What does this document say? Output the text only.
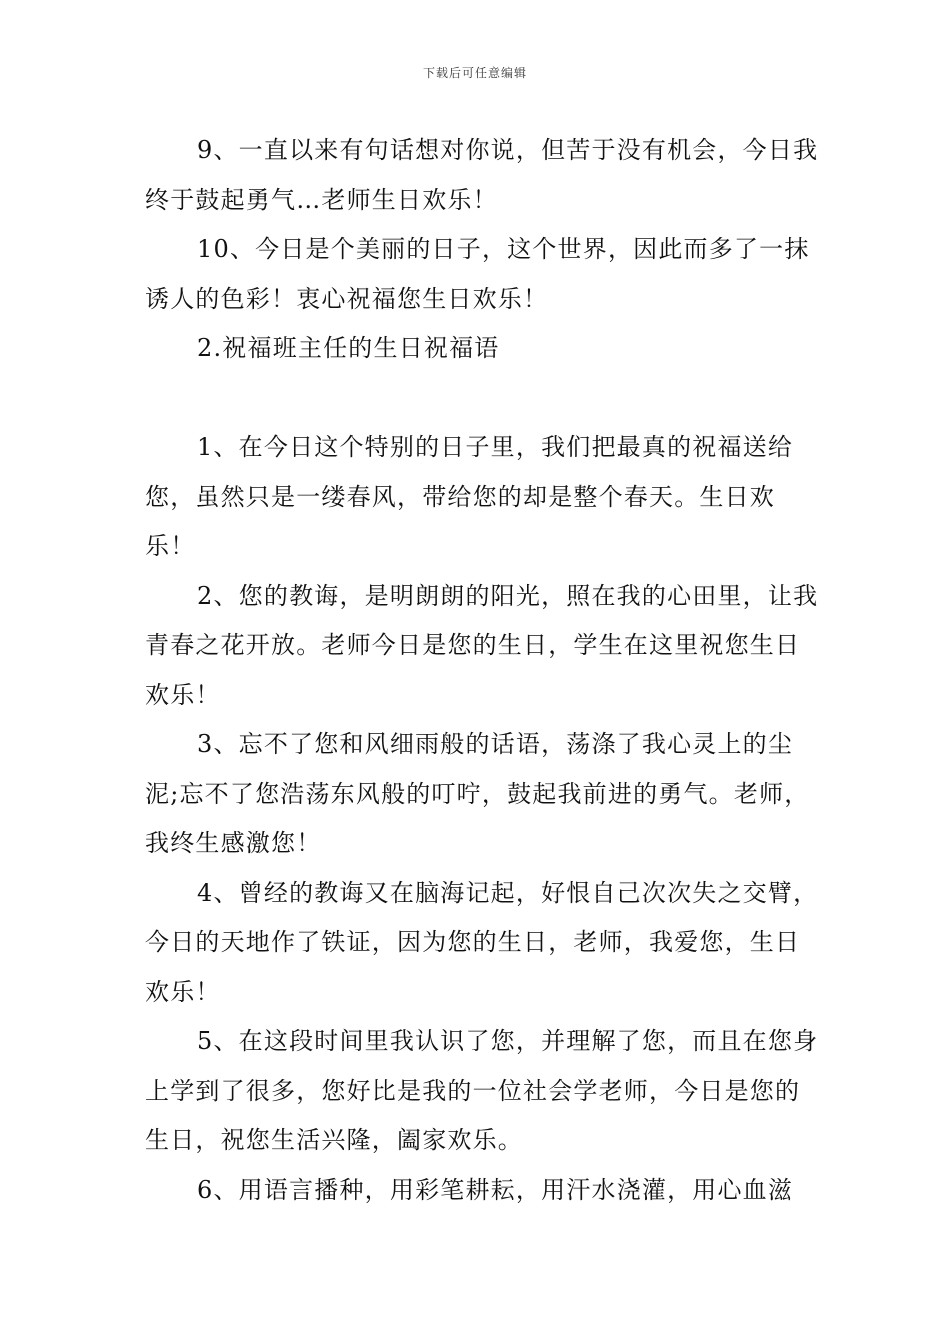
下载后可任意编辑

9、一直以来有句话想对你说，但苦于没有机会，今日我终于鼓起勇气…老师生日欢乐！

10、今日是个美丽的日子，这个世界，因此而多了一抹诱人的色彩！衷心祝福您生日欢乐！

2.祝福班主任的生日祝福语

1、在今日这个特别的日子里，我们把最真的祝福送给您，虽然只是一缕春风，带给您的却是整个春天。生日欢乐！

2、您的教诲，是明朗朗的阳光，照在我的心田里，让我青春之花开放。老师今日是您的生日，学生在这里祝您生日欢乐！

3、忘不了您和风细雨般的话语，荡涤了我心灵上的尘泥;忘不了您浩荡东风般的叮咛，鼓起我前进的勇气。老师，我终生感激您！

4、曾经的教诲又在脑海记起，好恨自己次次失之交臂，今日的天地作了铁证，因为您的生日，老师，我爱您，生日欢乐！

5、在这段时间里我认识了您，并理解了您，而且在您身上学到了很多，您好比是我的一位社会学老师，今日是您的生日，祝您生活兴隆，阖家欢乐。

6、用语言播种，用彩笔耕耘，用汗水浇灌，用心血滋
